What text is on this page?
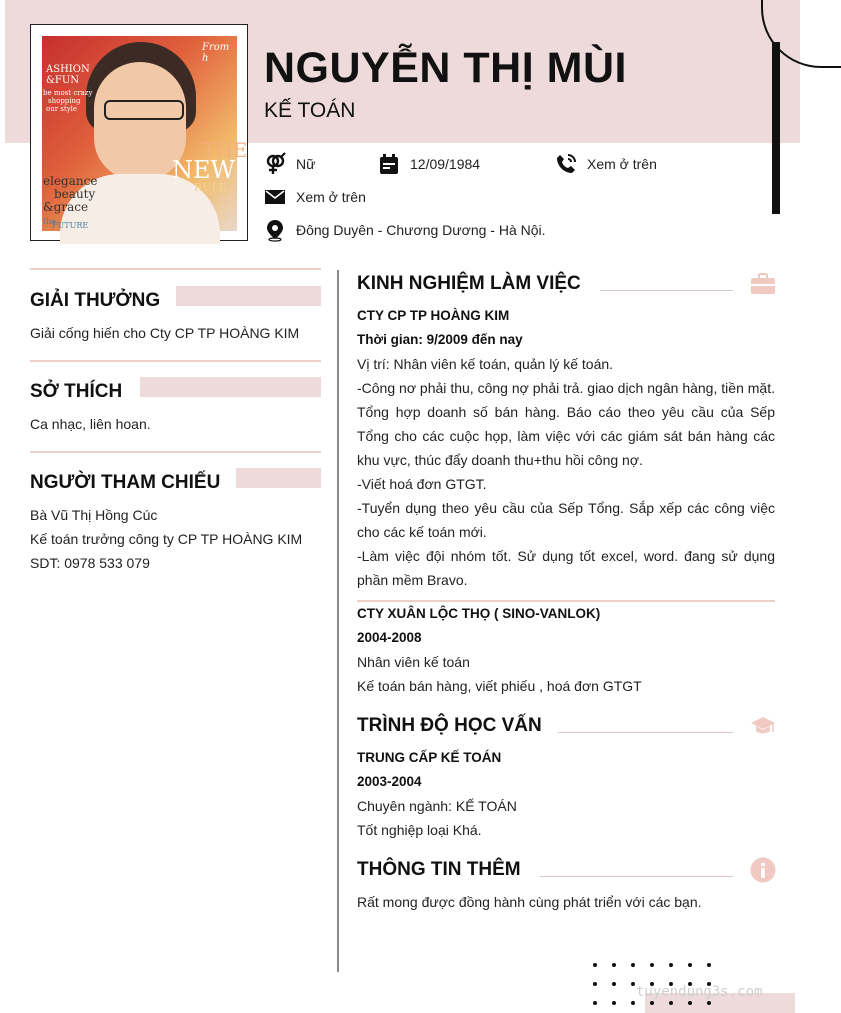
ASHION
&FUN
be most crazy
shopping
our style
From h
THE
NEW
RULE
elegance
beauty
&grace
the
FUTURE
NGUYỄN THỊ MÙI
KẾ TOÁN
Nữ	12/09/1984	Xem ở trên
Xem ở trên
Đông Duyên - Chương Dương - Hà Nội.
GIẢI THƯỞNG
Giải cống hiến cho Cty CP TP HOÀNG KIM
SỞ THÍCH
Ca nhạc, liên hoan.
NGƯỜI THAM CHIẾU
Bà Vũ Thị Hồng Cúc
Kế toán trưởng công ty CP TP HOÀNG KIM
SDT: 0978 533 079
KINH NGHIỆM LÀM VIỆC
CTY CP TP HOÀNG KIM
Thời gian: 9/2009 đến nay
Vị trí: Nhân viên kế toán, quản lý kế toán.
-Công nơ phải thu, công nợ phải trả. giao dịch ngân hàng, tiền mặt. Tổng hợp doanh số bán hàng. Báo cáo theo yêu cầu của Sếp Tổng cho các cuộc họp, làm việc với các giám sát bán hàng các khu vực, thúc đẩy doanh thu+thu hồi công nợ.
-Viết hoá đơn GTGT.
-Tuyển dụng theo yêu cầu của Sếp Tổng. Sắp xếp các công việc cho các kế toán mới.
-Làm việc đội nhóm tốt. Sử dụng tốt excel, word. đang sử dụng phần mềm Bravo.
CTY XUÂN LỘC THỌ ( SINO-VANLOK)
2004-2008
Nhân viên kế toán
Kế toán bán hàng, viết phiếu , hoá đơn GTGT
TRÌNH ĐỘ HỌC VẤN
TRUNG CẤP KẾ TOÁN
2003-2004
Chuyên ngành: KẾ TOÁN
Tốt nghiệp loại Khá.
THÔNG TIN THÊM
Rất mong được đồng hành cùng phát triển với các bạn.
tuyendung3s.com
